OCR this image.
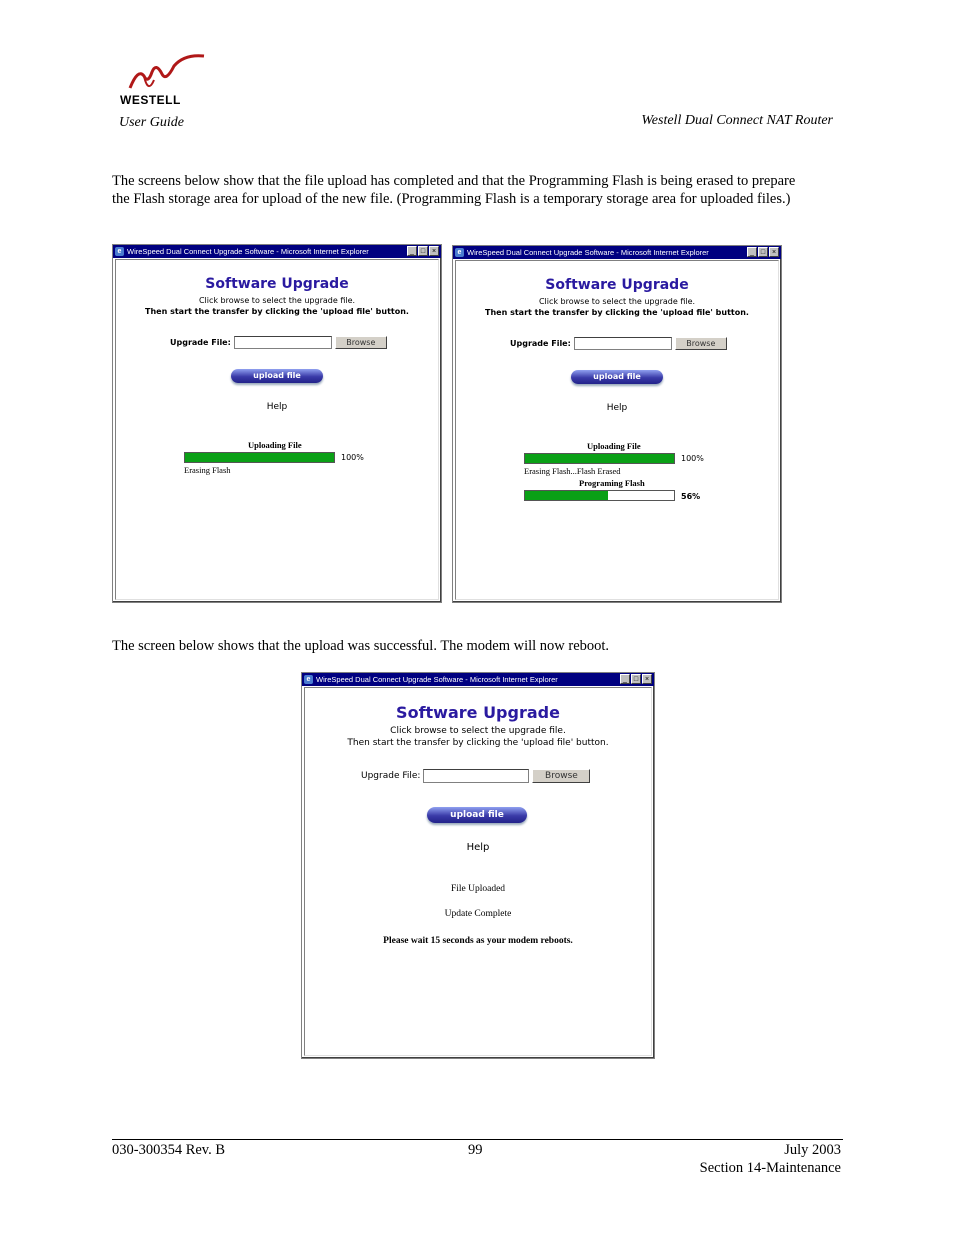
WESTELL
User Guide	Westell Dual Connect NAT Router
The screens below show that the file upload has completed and that the Programming Flash is being erased to prepare the Flash storage area for upload of the new file. (Programming Flash is a temporary storage area for uploaded files.)
e WireSpeed Dual Connect Upgrade Software - Microsoft Internet Explorer	_ □ ×
Software Upgrade
Click browse to select the upgrade file.
Then start the transfer by clicking the 'upload file' button.
Upgrade File:	Browse
upload file
Help
Uploading File
100%
Erasing Flash
e WireSpeed Dual Connect Upgrade Software - Microsoft Internet Explorer	_ □ ×
Software Upgrade
Click browse to select the upgrade file.
Then start the transfer by clicking the 'upload file' button.
Upgrade File:	Browse
upload file
Help
Uploading File
100%
Erasing Flash...Flash Erased
Programing Flash
56%
The screen below shows that the upload was successful. The modem will now reboot.
e WireSpeed Dual Connect Upgrade Software - Microsoft Internet Explorer	_ □ ×
Software Upgrade
Click browse to select the upgrade file.
Then start the transfer by clicking the 'upload file' button.
Upgrade File:	Browse
upload file
Help
File Uploaded
Update Complete
Please wait 15 seconds as your modem reboots.
030-300354 Rev. B	99	July 2003
Section 14-Maintenance
